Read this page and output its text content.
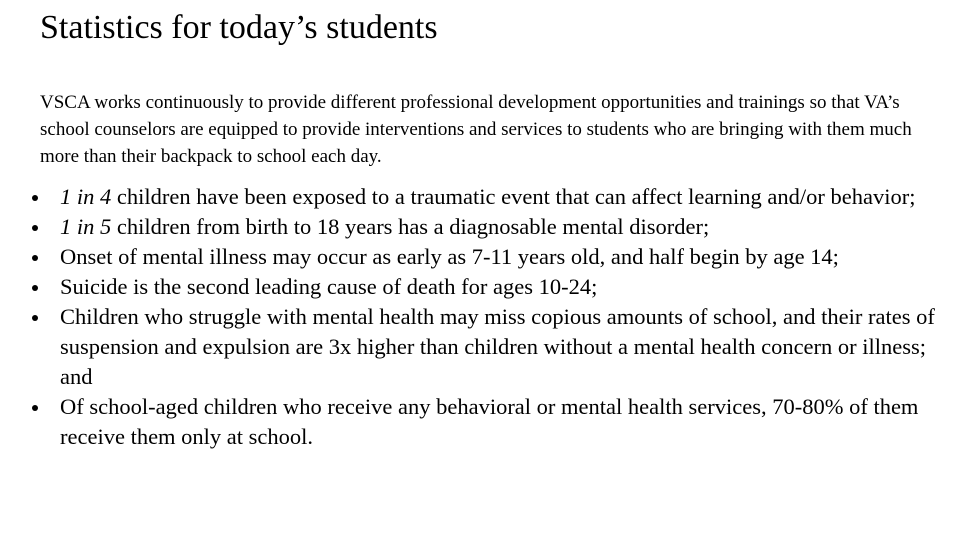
Statistics for today’s students

VSCA works continuously to provide different professional development opportunities and trainings so that VA’s school counselors are equipped to provide interventions and services to students who are bringing with them much more than their backpack to school each day.

1 in 4 children have been exposed to a traumatic event that can affect learning and/or behavior;
1 in 5 children from birth to 18 years has a diagnosable mental disorder;
Onset of mental illness may occur as early as 7-11 years old, and half begin by age 14;
Suicide is the second leading cause of death for ages 10-24;
Children who struggle with mental health may miss copious amounts of school, and their rates of suspension and expulsion are 3x higher than children without a mental health concern or illness; and
Of school-aged children who receive any behavioral or mental health services, 70-80% of them receive them only at school.
